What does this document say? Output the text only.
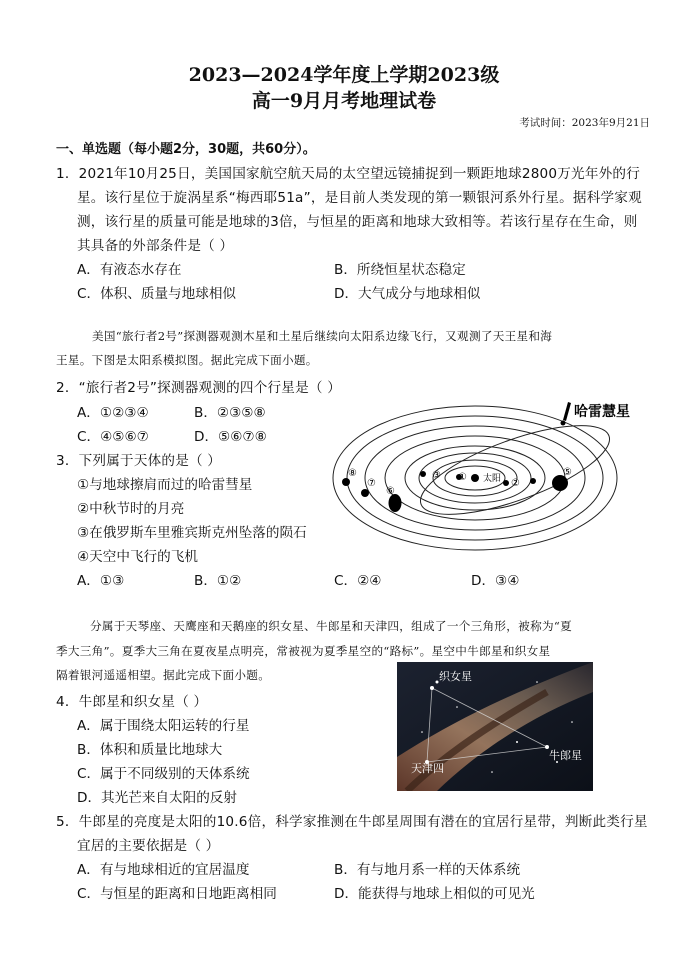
2023—2024学年度上学期2023级
高一9月月考地理试卷
考试时间：2023年9月21日
一、单选题（每小题2分，30题，共60分）。
1．2021年10月25日，美国国家航空航天局的太空望远镜捕捉到一颗距地球2800万光年外的行
星。该行星位于旋涡星系“梅西耶51a”，是目前人类发现的第一颗银河系外行星。据科学家观
测，该行星的质量可能是地球的3倍，与恒星的距离和地球大致相等。若该行星存在生命，则
其具备的外部条件是（ ）
A．有液态水存在	B．所绕恒星状态稳定
C．体积、质量与地球相似	D．大气成分与地球相似
美国“旅行者2号”探测器观测木星和土星后继续向太阳系边缘飞行，又观测了天王星和海
王星。下图是太阳系模拟图。据此完成下面小题。
2．“旅行者2号”探测器观测的四个行星是（ ）
A．①②③④	B．②③⑤⑧
C．④⑤⑥⑦	D．⑤⑥⑦⑧
3．下列属于天体的是（ ）
①与地球擦肩而过的哈雷彗星
②中秋节时的月亮
③在俄罗斯车里雅宾斯克州坠落的陨石
④天空中飞行的飞机
A．①③	B．①②	C．②④	D．③④
太阳
①
②
③	⑤
⑥
⑦
⑧
哈雷慧星
分属于天琴座、天鹰座和天鹅座的织女星、牛郎星和天津四，组成了一个三角形，被称为“夏
季大三角”。夏季大三角在夏夜星点明亮，常被视为夏季星空的“路标”。星空中牛郎星和织女星
隔着银河遥遥相望。据此完成下面小题。	织女星
牛郎星
天津四
4．牛郎星和织女星（ ）
A．属于围绕太阳运转的行星
B．体积和质量比地球大
C．属于不同级别的天体系统
D．其光芒来自太阳的反射
5．牛郎星的亮度是太阳的10.6倍，科学家推测在牛郎星周围有潜在的宜居行星带，判断此类行星
宜居的主要依据是（ ）
A．有与地球相近的宜居温度	B．有与地月系一样的天体系统
C．与恒星的距离和日地距离相同	D．能获得与地球上相似的可见光
